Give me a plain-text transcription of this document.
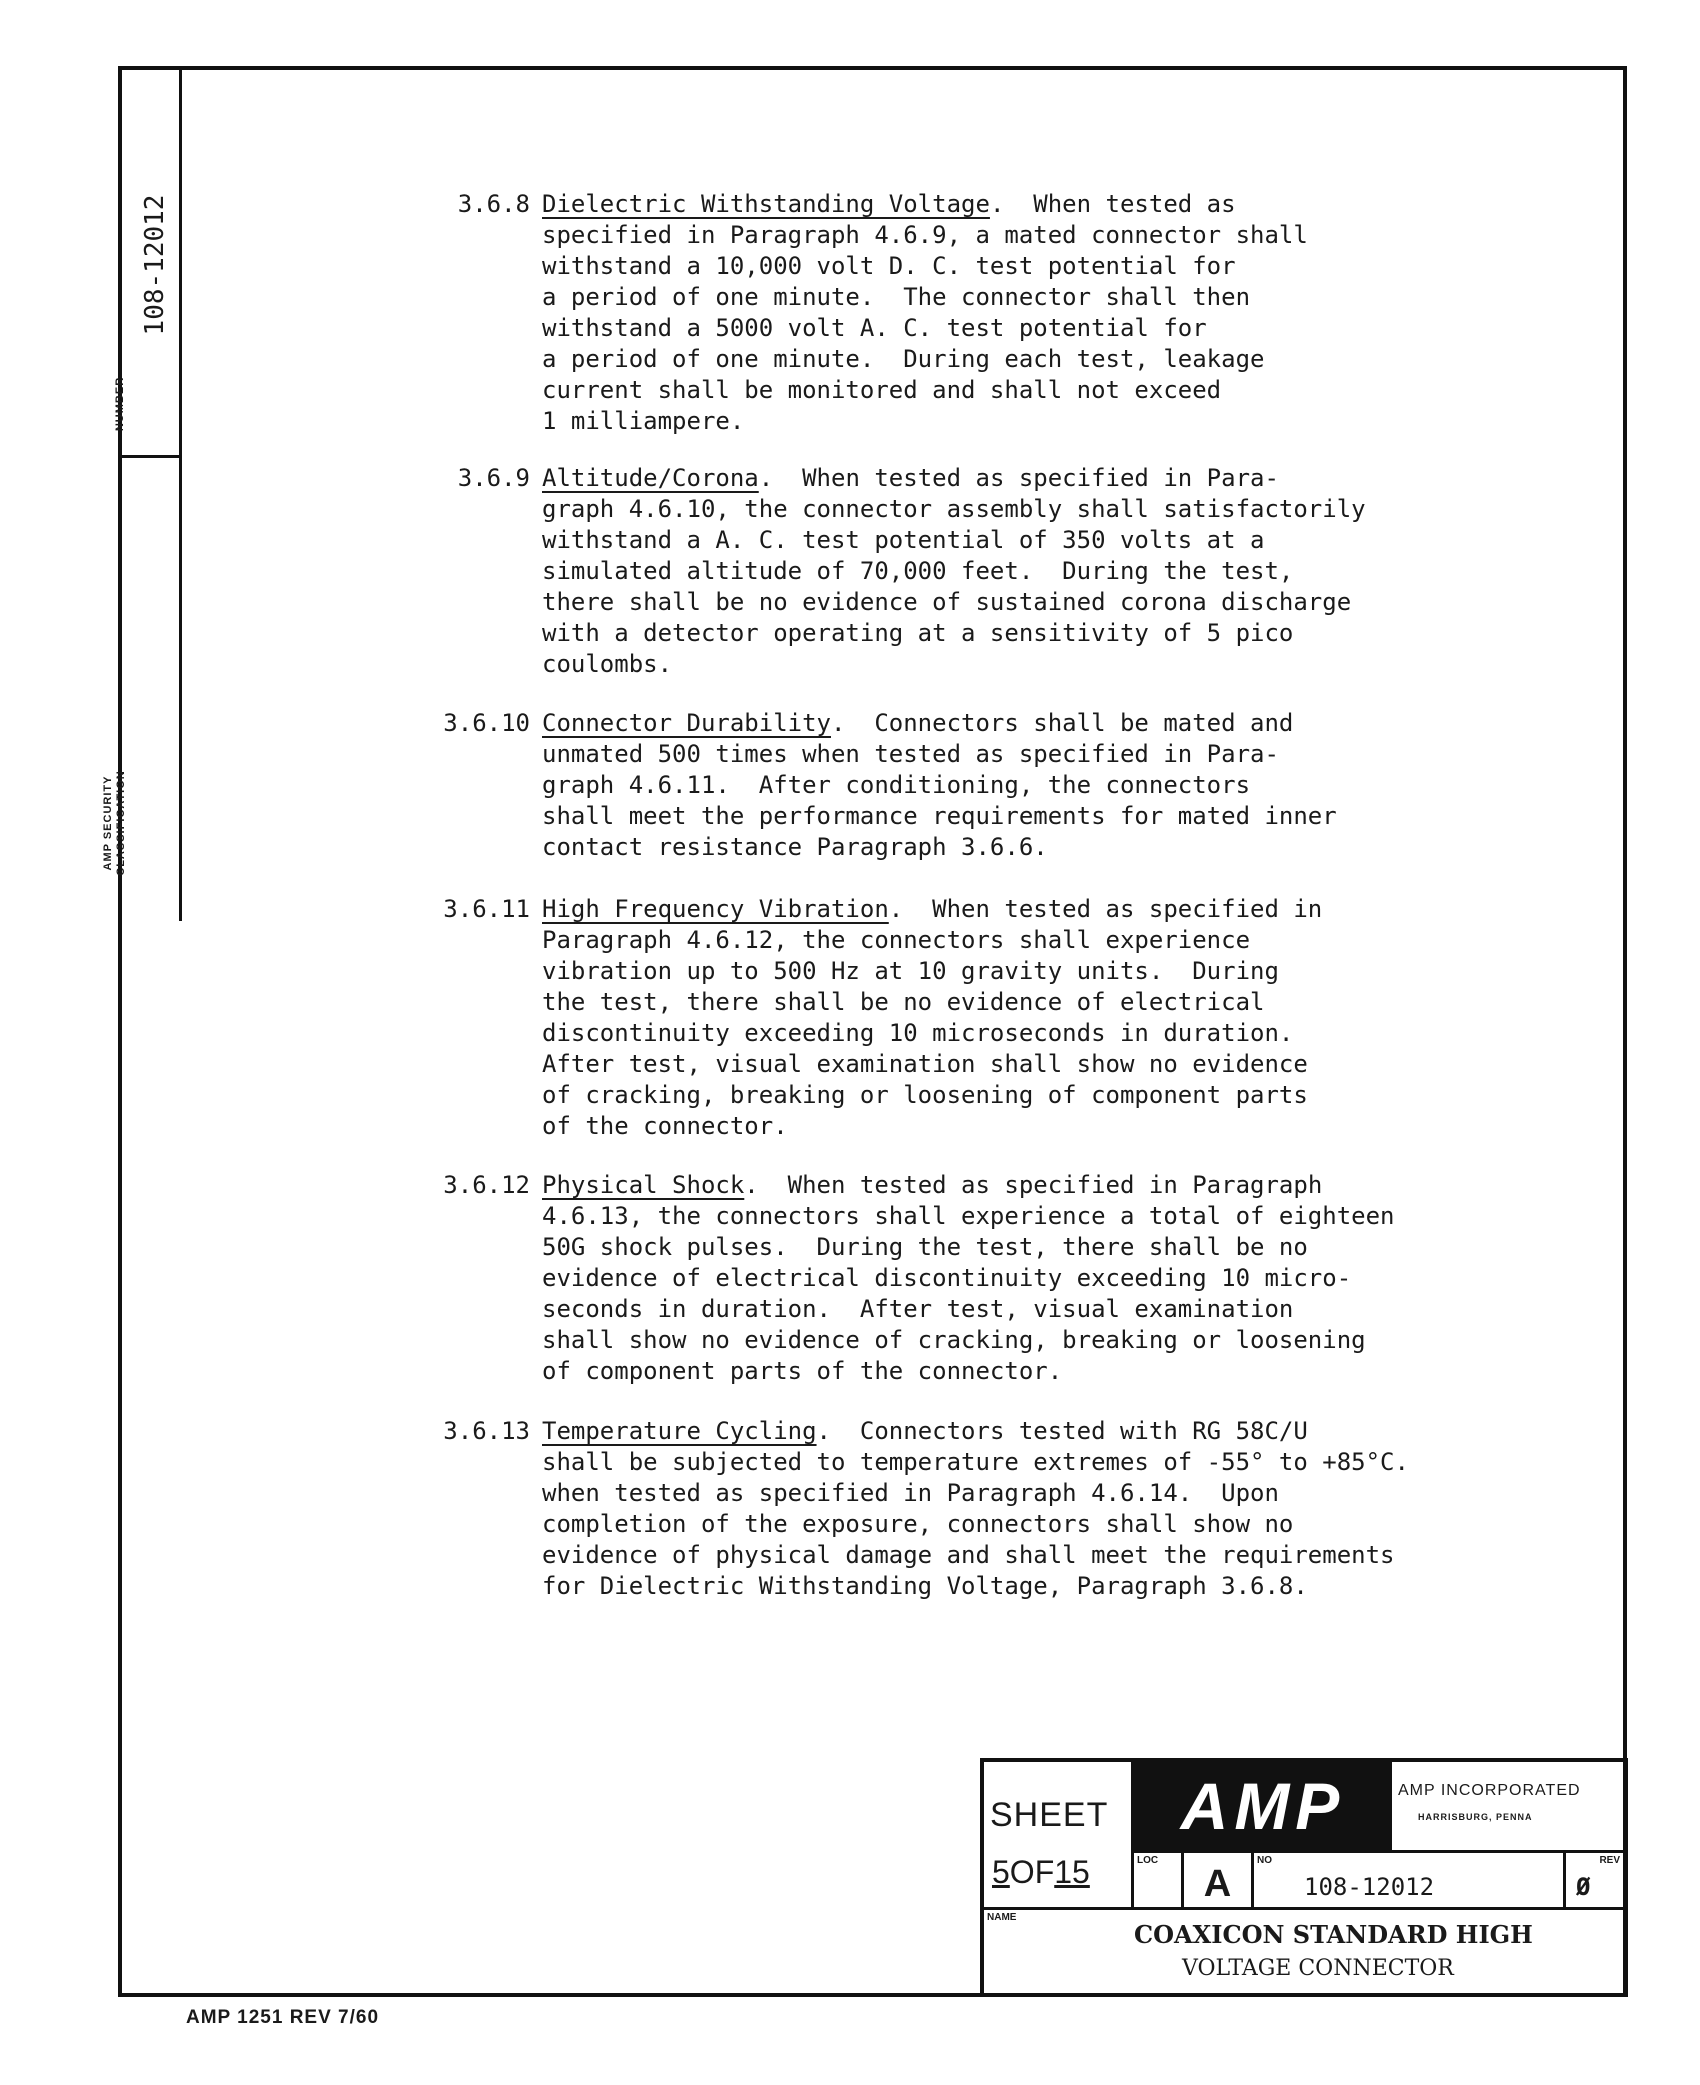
NUMBER
108-12012
AMP SECURITY CLASSIFICATION
3.6.8 Dielectric Withstanding Voltage.  When tested as
specified in Paragraph 4.6.9, a mated connector shall
withstand a 10,000 volt D. C. test potential for
a period of one minute.  The connector shall then
withstand a 5000 volt A. C. test potential for
a period of one minute.  During each test, leakage
current shall be monitored and shall not exceed
1 milliampere.
3.6.9 Altitude/Corona.  When tested as specified in Para-
graph 4.6.10, the connector assembly shall satisfactorily
withstand a A. C. test potential of 350 volts at a
simulated altitude of 70,000 feet.  During the test,
there shall be no evidence of sustained corona discharge
with a detector operating at a sensitivity of 5 pico
coulombs.
3.6.10 Connector Durability.  Connectors shall be mated and
unmated 500 times when tested as specified in Para-
graph 4.6.11.  After conditioning, the connectors
shall meet the performance requirements for mated inner
contact resistance Paragraph 3.6.6.
3.6.11 High Frequency Vibration.  When tested as specified in
Paragraph 4.6.12, the connectors shall experience
vibration up to 500 Hz at 10 gravity units.  During
the test, there shall be no evidence of electrical
discontinuity exceeding 10 microseconds in duration.
After test, visual examination shall show no evidence
of cracking, breaking or loosening of component parts
of the connector.
3.6.12 Physical Shock.  When tested as specified in Paragraph
4.6.13, the connectors shall experience a total of eighteen
50G shock pulses.  During the test, there shall be no
evidence of electrical discontinuity exceeding 10 micro-
seconds in duration.  After test, visual examination
shall show no evidence of cracking, breaking or loosening
of component parts of the connector.
3.6.13 Temperature Cycling.  Connectors tested with RG 58C/U
shall be subjected to temperature extremes of -55° to +85°C.
when tested as specified in Paragraph 4.6.14.  Upon
completion of the exposure, connectors shall show no
evidence of physical damage and shall meet the requirements
for Dielectric Withstanding Voltage, Paragraph 3.6.8.
SHEET
5OF15
AMP	AMP INCORPORATED
HARRISBURG, PENNA
LOC
A
NO
108-12012
REV
Ø
NAME
COAXICON STANDARD HIGH
VOLTAGE CONNECTOR
AMP 1251 REV 7/60
